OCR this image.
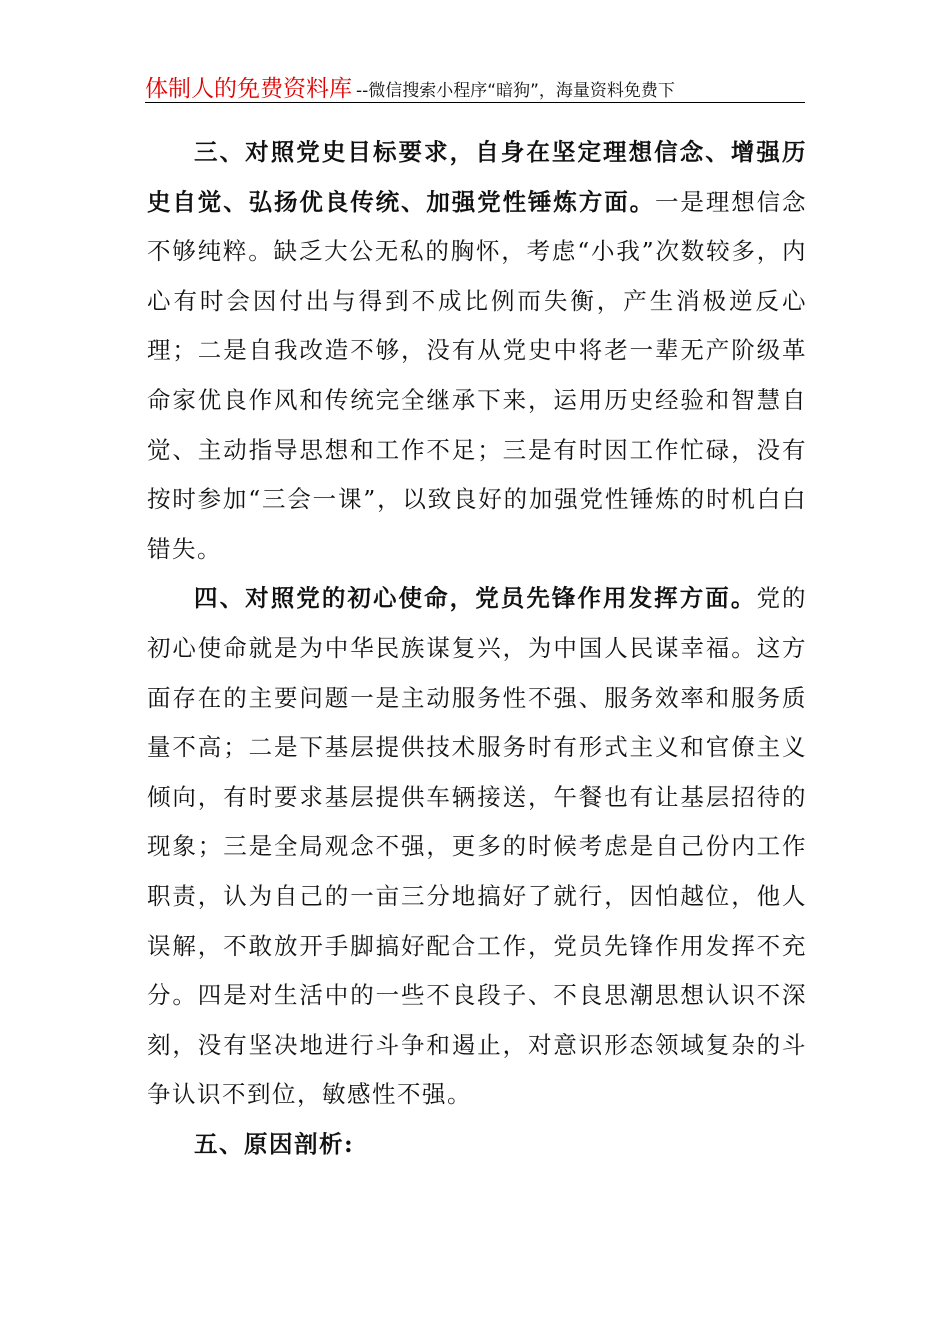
体制人的免费资料库 --微信搜索小程序“暗狗”，海量资料免费下

三、对照党史目标要求，自身在坚定理想信念、增强历史自觉、弘扬优良传统、加强党性锤炼方面。一是理想信念不够纯粹。缺乏大公无私的胸怀，考虑“小我”次数较多，内心有时会因付出与得到不成比例而失衡，产生消极逆反心理；二是自我改造不够，没有从党史中将老一辈无产阶级革命家优良作风和传统完全继承下来，运用历史经验和智慧自觉、主动指导思想和工作不足；三是有时因工作忙碌，没有按时参加“三会一课”，以致良好的加强党性锤炼的时机白白错失。

四、对照党的初心使命，党员先锋作用发挥方面。党的初心使命就是为中华民族谋复兴，为中国人民谋幸福。这方面存在的主要问题一是主动服务性不强、服务效率和服务质量不高；二是下基层提供技术服务时有形式主义和官僚主义倾向，有时要求基层提供车辆接送，午餐也有让基层招待的现象；三是全局观念不强，更多的时候考虑是自己份内工作职责，认为自己的一亩三分地搞好了就行，因怕越位，他人误解，不敢放开手脚搞好配合工作，党员先锋作用发挥不充分。四是对生活中的一些不良段子、不良思潮思想认识不深刻，没有坚决地进行斗争和遏止，对意识形态领域复杂的斗争认识不到位，敏感性不强。

五、原因剖析:
